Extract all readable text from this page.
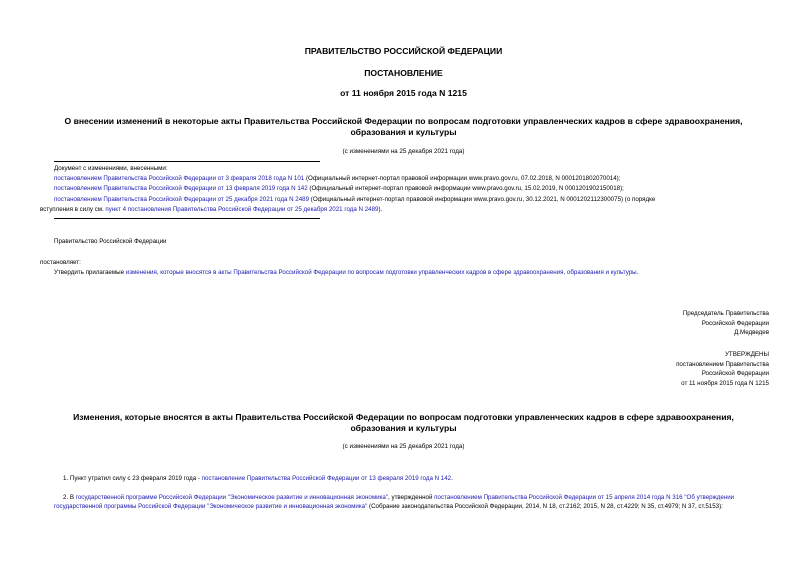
ПРАВИТЕЛЬСТВО РОССИЙСКОЙ ФЕДЕРАЦИИ
ПОСТАНОВЛЕНИЕ
от 11 ноября 2015 года N 1215
О внесении изменений в некоторые акты Правительства Российской Федерации по вопросам подготовки управленческих кадров в сфере здравоохранения,
образования и культуры
(с изменениями на 25 декабря 2021 года)
Документ с изменениями, внесенными:
постановлением Правительства Российской Федерации от 3 февраля 2018 года N 101 (Официальный интернет-портал правовой информации www.pravo.gov.ru, 07.02.2018, N 0001201802070014);
постановлением Правительства Российской Федерации от 13 февраля 2019 года N 142 (Официальный интернет-портал правовой информации www.pravo.gov.ru, 15.02.2019, N 0001201902150018);
постановлением Правительства Российской Федерации от 25 декабря 2021 года N 2489 (Официальный интернет-портал правовой информации www.pravo.gov.ru, 30.12.2021, N 0001202112300075) (о порядке
вступления в силу см. пункт 4 постановления Правительства Российской Федерации от 25 декабря 2021 года N 2489).
Правительство Российской Федерации
постановляет:
Утвердить прилагаемые изменения, которые вносятся в акты Правительства Российской Федерации по вопросам подготовки управленческих кадров в сфере здравоохранения, образования и культуры.
Председатель Правительства
Российской Федерации
Д.Медведев
УТВЕРЖДЕНЫ
постановлением Правительства
Российской Федерации
от 11 ноября 2015 года N 1215
Изменения, которые вносятся в акты Правительства Российской Федерации по вопросам подготовки управленческих кадров в сфере здравоохранения,
образования и культуры
(с изменениями на 25 декабря 2021 года)
1. Пункт утратил силу с 23 февраля 2019 года - постановление Правительства Российской Федерации от 13 февраля 2019 года N 142.
2. В государственной программе Российской Федерации "Экономическое развитие и инновационная экономика", утвержденной постановлением Правительства Российской Федерации от 15 апреля 2014 года N 316 "Об утверждении государственной программы Российской Федерации "Экономическое развитие и инновационная экономика" (Собрание законодательства Российской Федерации, 2014, N 18, ст.2162; 2015, N 28, ст.4229; N 35, ст.4979; N 37, ст.5153):
